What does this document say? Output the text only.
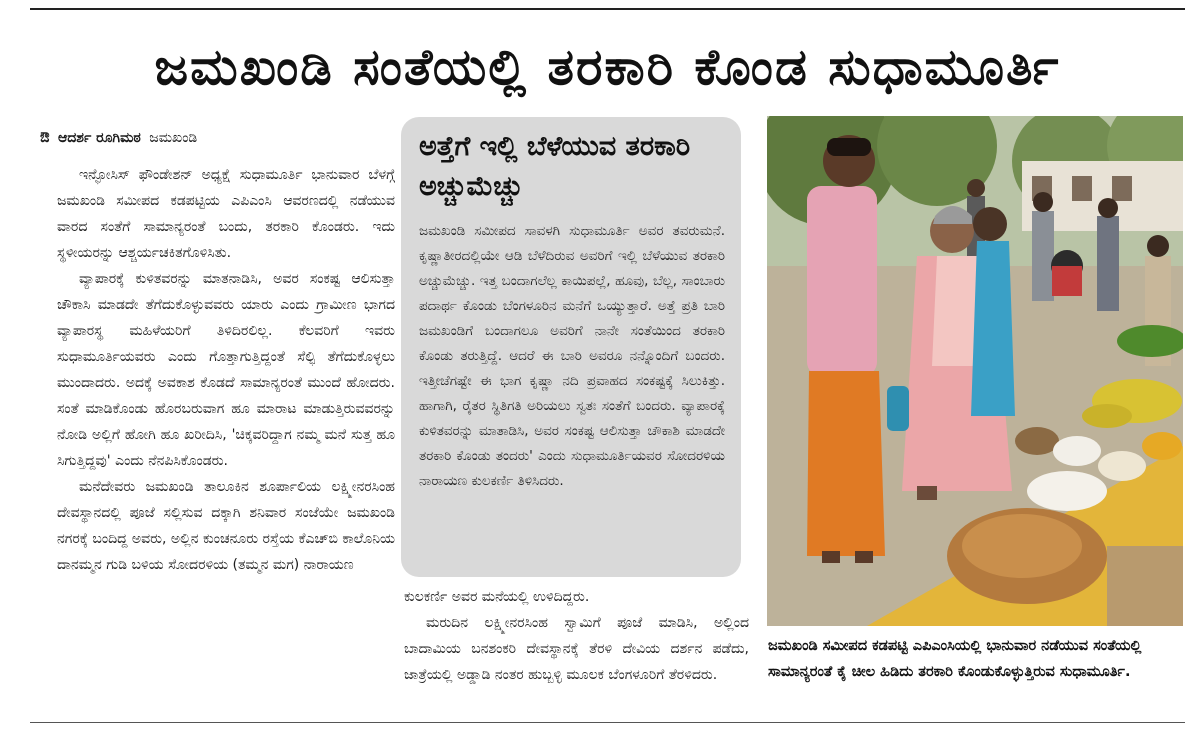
ಜಮಖಂಡಿ ಸಂತೆಯಲ್ಲಿ ತರಕಾರಿ ಕೊಂಡ ಸುಧಾಮೂರ್ತಿ
ಔ ಆದರ್ಶ ರೂಗಿಮಠ ಜಮಖಂಡಿ

ಇನ್ಫೋಸಿಸ್ ಫೌಂಡೇಶನ್ ಅಧ್ಯಕ್ಷೆ ಸುಧಾಮೂರ್ತಿ ಭಾನುವಾರ ಬೆಳಗ್ಗೆ ಜಮಖಂಡಿ ಸಮೀಪದ ಕಡಪಟ್ಟಿಯ ಎಪಿಎಂಸಿ ಆವರಣದಲ್ಲಿ ನಡೆಯುವ ವಾರದ ಸಂತೆಗೆ ಸಾಮಾನ್ಯರಂತೆ ಬಂದು, ತರಕಾರಿ ಕೊಂಡರು. ಇದು ಸ್ಥಳೀಯರನ್ನು ಆಶ್ಚರ್ಯಚಕಿತಗೊಳಿಸಿತು.

ವ್ಯಾಪಾರಕ್ಕೆ ಕುಳಿತವರನ್ನು ಮಾತನಾಡಿಸಿ, ಅವರ ಸಂಕಷ್ಟ ಆಲಿಸುತ್ತಾ ಚೌಕಾಸಿ ಮಾಡದೇ ತೆಗೆದುಕೊಳ್ಳುವವರು ಯಾರು ಎಂದು ಗ್ರಾಮೀಣ ಭಾಗದ ವ್ಯಾಪಾರಸ್ಥ ಮಹಿಳೆಯರಿಗೆ ತಿಳಿದಿರಲಿಲ್ಲ. ಕೆಲವರಿಗೆ ಇವರು ಸುಧಾಮೂರ್ತಿಯವರು ಎಂದು ಗೊತ್ತಾಗುತ್ತಿದ್ದಂತೆ ಸೆಲ್ಫಿ ತೆಗೆದುಕೊಳ್ಳಲು ಮುಂದಾದರು. ಅದಕ್ಕೆ ಅವಕಾಶ ಕೊಡದೆ ಸಾಮಾನ್ಯರಂತೆ ಮುಂದೆ ಹೋದರು. ಸಂತೆ ಮಾಡಿಕೊಂಡು ಹೊರಬರುವಾಗ ಹೂ ಮಾರಾಟ ಮಾಡುತ್ತಿರುವವರನ್ನು ನೋಡಿ ಅಲ್ಲಿಗೆ ಹೋಗಿ ಹೂ ಖರೀದಿಸಿ, 'ಚಿಕ್ಕವರಿದ್ದಾಗ ನಮ್ಮ ಮನೆ ಸುತ್ತ ಹೂ ಸಿಗುತ್ತಿದ್ದವು' ಎಂದು ನೆನಪಿಸಿಕೊಂಡರು.

ಮನೆದೇವರು ಜಮಖಂಡಿ ತಾಲೂಕಿನ ಶೂರ್ಪಾಲಿಯ ಲಕ್ಷ್ಮೀನರಸಿಂಹ ದೇವಸ್ಥಾನದಲ್ಲಿ ಪೂಜೆ ಸಲ್ಲಿಸುವ ದಕ್ಕಾಗಿ ಶನಿವಾರ ಸಂಜೆಯೇ ಜಮಖಂಡಿ ನಗರಕ್ಕೆ ಬಂದಿದ್ದ ಅವರು, ಅಲ್ಲಿನ ಕುಂಚನೂರು ರಸ್ತೆಯ ಕೆಎಚ್‌ಬಿ ಕಾಲೊನಿಯ ದಾನಮ್ಮನ ಗುಡಿ ಬಳಿಯ ಸೋದರಳಿಯ (ತಮ್ಮನ ಮಗ) ನಾರಾಯಣ

ಅತ್ತೆಗೆ ಇಲ್ಲಿ ಬೆಳೆಯುವ ತರಕಾರಿ ಅಚ್ಚುಮೆಚ್ಚು

ಜಮಖಂಡಿ ಸಮೀಪದ ಸಾವಳಗಿ ಸುಧಾಮೂರ್ತಿ ಅವರ ತವರುಮನೆ. ಕೃಷ್ಣಾತೀರದಲ್ಲಿಯೇ ಆಡಿ ಬೆಳೆದಿರುವ ಅವರಿಗೆ ಇಲ್ಲಿ ಬೆಳೆಯುವ ತರಕಾರಿ ಅಚ್ಚುಮೆಚ್ಚು. ಇತ್ತ ಬಂದಾಗಲೆಲ್ಲ ಕಾಯಿಪಲ್ಲೆ, ಹೂವು, ಬೆಲ್ಲ, ಸಾಂಬಾರು ಪದಾರ್ಥ ಕೊಂಡು ಬೆಂಗಳೂರಿನ ಮನೆಗೆ ಒಯ್ಯುತ್ತಾರೆ. ಅತ್ತೆ ಪ್ರತಿ ಬಾರಿ ಜಮಖಂಡಿಗೆ ಬಂದಾಗಲೂ ಅವರಿಗೆ ನಾನೇ ಸಂತೆಯಿಂದ ತರಕಾರಿ ಕೊಂಡು ತರುತ್ತಿದ್ದೆ. ಆದರೆ ಈ ಬಾರಿ ಅವರೂ ನನ್ನೊಂದಿಗೆ ಬಂದರು. ಇತ್ತೀಚೆಗಷ್ಟೇ ಈ ಭಾಗ ಕೃಷ್ಣಾ ನದಿ ಪ್ರವಾಹದ ಸಂಕಷ್ಟಕ್ಕೆ ಸಿಲುಕಿತ್ತು. ಹಾಗಾಗಿ, ರೈತರ ಸ್ಥಿತಿಗತಿ ಅರಿಯಲು ಸ್ವತಃ ಸಂತೆಗೆ ಬಂದರು. ವ್ಯಾಪಾರಕ್ಕೆ ಕುಳಿತವರನ್ನು ಮಾತಾಡಿಸಿ, ಅವರ ಸಂಕಷ್ಟ ಆಲಿಸುತ್ತಾ ಚೌಕಾಶಿ ಮಾಡದೇ ತರಕಾರಿ ಕೊಂಡು ತಂದರು' ಎಂದು ಸುಧಾಮೂರ್ತಿಯವರ ಸೋದರಳಿಯ ನಾರಾಯಣ ಕುಲಕರ್ಣಿ ತಿಳಿಸಿದರು.

ಕುಲಕರ್ಣಿ ಅವರ ಮನೆಯಲ್ಲಿ ಉಳಿದಿದ್ದರು.

ಮರುದಿನ ಲಕ್ಷ್ಮೀನರಸಿಂಹ ಸ್ವಾಮಿಗೆ ಪೂಜೆ ಮಾಡಿಸಿ, ಅಲ್ಲಿಂದ ಬಾದಾಮಿಯ ಬನಶಂಕರಿ ದೇವಸ್ಥಾನಕ್ಕೆ ತೆರಳಿ ದೇವಿಯ ದರ್ಶನ ಪಡೆದು, ಜಾತ್ರೆಯಲ್ಲಿ ಅಡ್ಡಾಡಿ ನಂತರ ಹುಬ್ಬಳ್ಳಿ ಮೂಲಕ ಬೆಂಗಳೂರಿಗೆ ತೆರಳಿದರು.

ಜಮಖಂಡಿ ಸಮೀಪದ ಕಡಪಟ್ಟಿ ಎಪಿಎಂಸಿಯಲ್ಲಿ ಭಾನುವಾರ ನಡೆಯುವ ಸಂತೆಯಲ್ಲಿ ಸಾಮಾನ್ಯರಂತೆ ಕೈ ಚೀಲ ಹಿಡಿದು ತರಕಾರಿ ಕೊಂಡುಕೊಳ್ಳುತ್ತಿರುವ ಸುಧಾಮೂರ್ತಿ.
